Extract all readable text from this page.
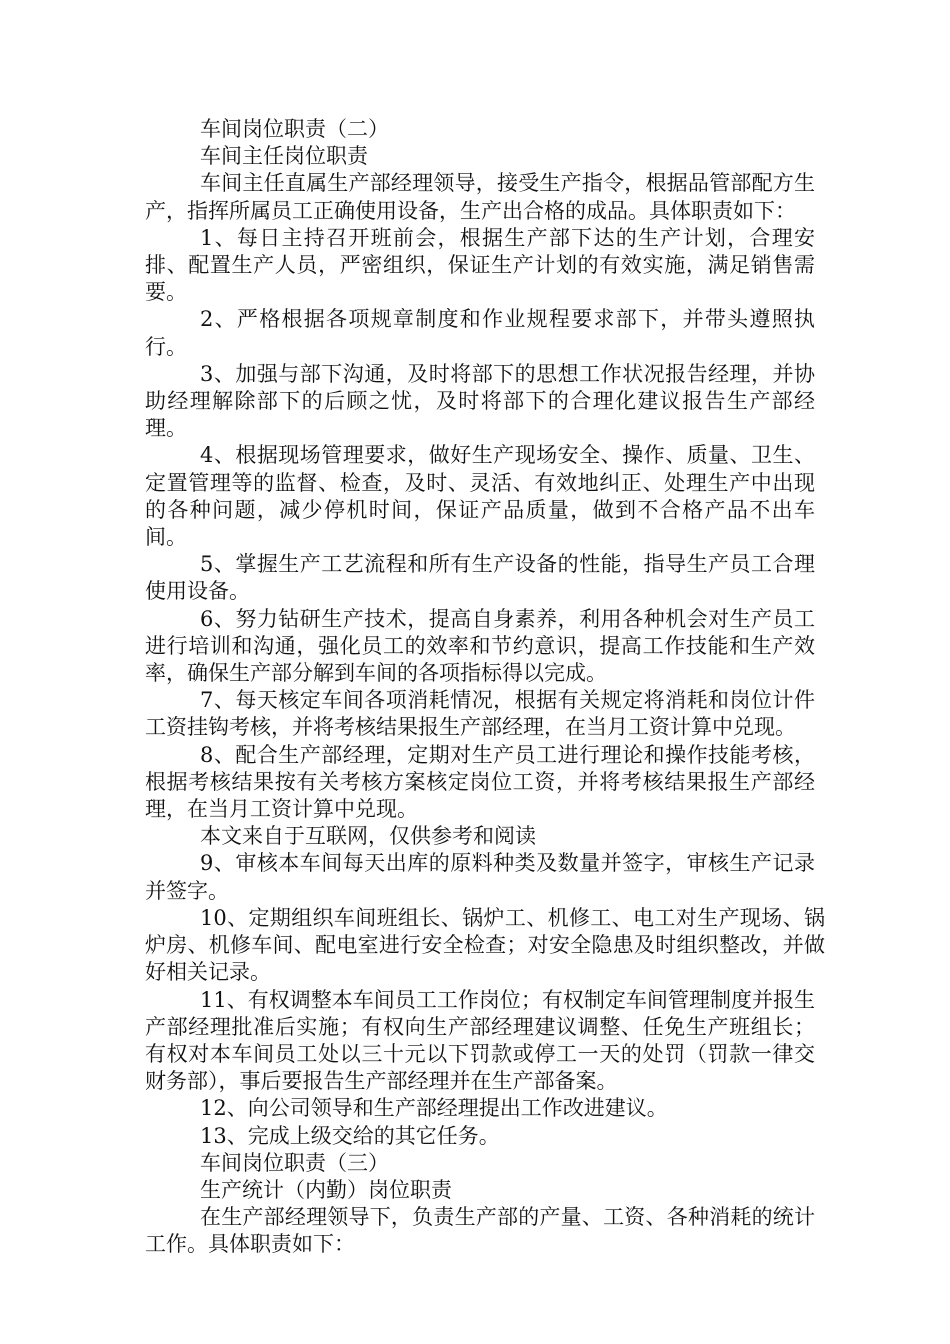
车间岗位职责（二）

车间主任岗位职责

车间主任直属生产部经理领导，接受生产指令，根据品管部配方生产，指挥所属员工正确使用设备，生产出合格的成品。具体职责如下：

1、每日主持召开班前会，根据生产部下达的生产计划，合理安排、配置生产人员，严密组织，保证生产计划的有效实施，满足销售需要。

2、严格根据各项规章制度和作业规程要求部下，并带头遵照执行。

3、加强与部下沟通，及时将部下的思想工作状况报告经理，并协助经理解除部下的后顾之忧，及时将部下的合理化建议报告生产部经理。

4、根据现场管理要求，做好生产现场安全、操作、质量、卫生、定置管理等的监督、检查，及时、灵活、有效地纠正、处理生产中出现的各种问题，减少停机时间，保证产品质量，做到不合格产品不出车间。

5、掌握生产工艺流程和所有生产设备的性能，指导生产员工合理使用设备。

6、努力钻研生产技术，提高自身素养，利用各种机会对生产员工进行培训和沟通，强化员工的效率和节约意识，提高工作技能和生产效率，确保生产部分解到车间的各项指标得以完成。

7、每天核定车间各项消耗情况，根据有关规定将消耗和岗位计件工资挂钩考核，并将考核结果报生产部经理，在当月工资计算中兑现。

8、配合生产部经理，定期对生产员工进行理论和操作技能考核，根据考核结果按有关考核方案核定岗位工资，并将考核结果报生产部经理，在当月工资计算中兑现。

本文来自于互联网，仅供参考和阅读

9、审核本车间每天出库的原料种类及数量并签字，审核生产记录并签字。

10、定期组织车间班组长、锅炉工、机修工、电工对生产现场、锅炉房、机修车间、配电室进行安全检查；对安全隐患及时组织整改，并做好相关记录。

11、有权调整本车间员工工作岗位；有权制定车间管理制度并报生产部经理批准后实施；有权向生产部经理建议调整、任免生产班组长；有权对本车间员工处以三十元以下罚款或停工一天的处罚（罚款一律交财务部），事后要报告生产部经理并在生产部备案。

12、向公司领导和生产部经理提出工作改进建议。

13、完成上级交给的其它任务。

车间岗位职责（三）

生产统计（内勤）岗位职责

在生产部经理领导下，负责生产部的产量、工资、各种消耗的统计工作。具体职责如下：
